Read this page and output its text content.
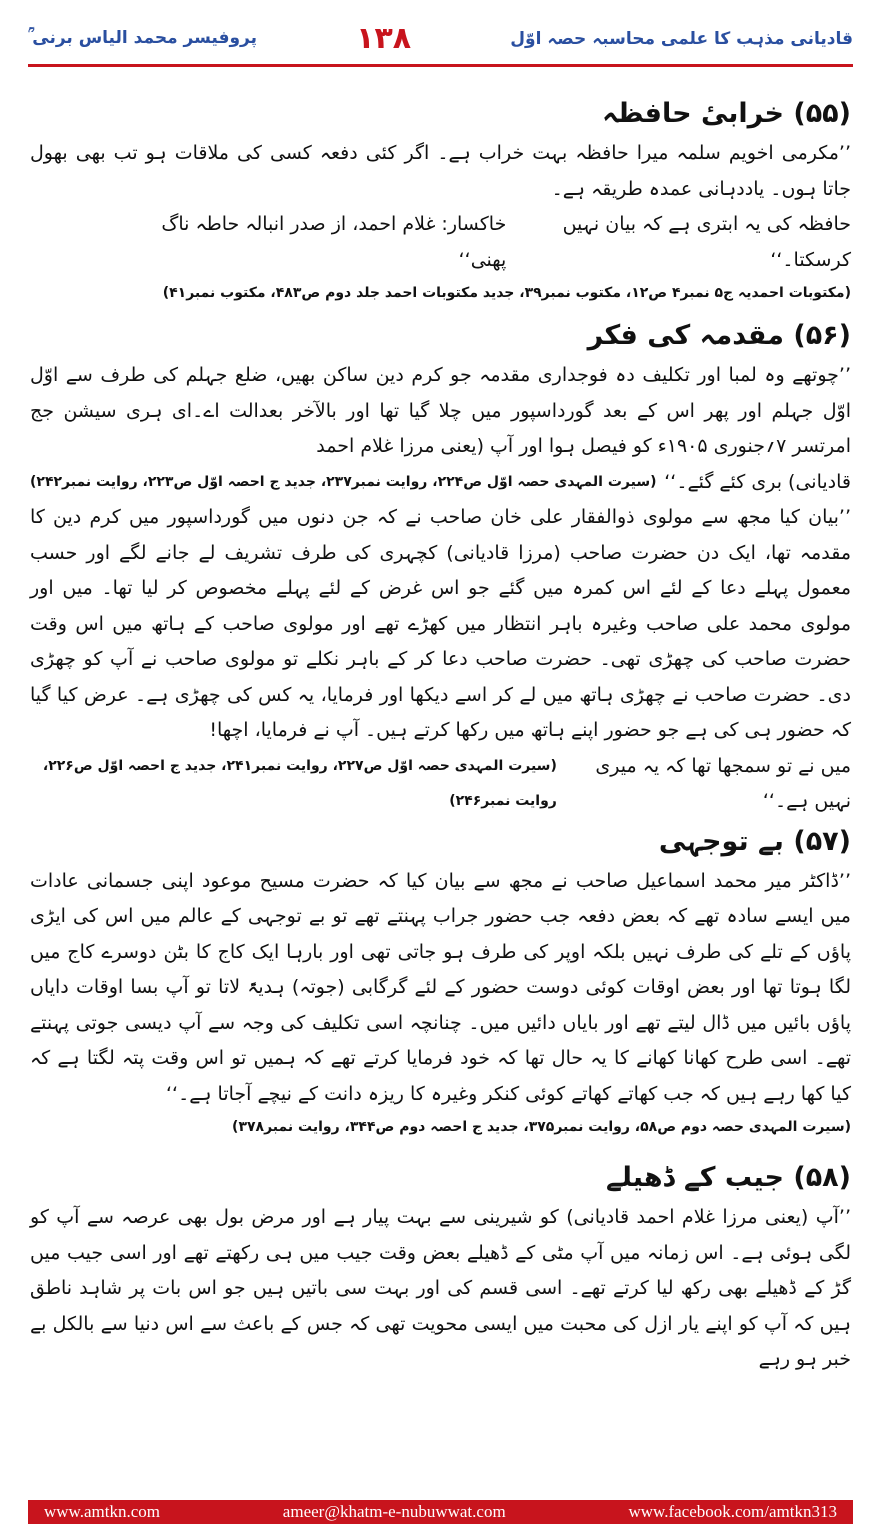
پروفیسر محمد الیاس برنی ؒ	۱۳۸	قادیانی مذہب کا علمی محاسبہ حصہ اوّل
(۵۵) خرابیٔ حافظہ

’’مکرمی اخویم سلمہ میرا حافظہ بہت خراب ہے۔ اگر کئی دفعہ کسی کی ملاقات ہو تب بھی بھول جاتا ہوں۔ یاددہانی عمدہ طریقہ ہے۔

حافظہ کی یہ ابتری ہے کہ بیان نہیں کرسکتا۔‘‘
خاکسار: غلام احمد، از صدر انبالہ حاطہ ناگ پھنی‘‘

(مکتوبات احمدیہ ج۵ نمبر۴ ص۱۲، مکتوب نمبر۳۹، جدید مکتوبات احمد جلد دوم ص۴۸۳، مکتوب نمبر۴۱)

(۵۶) مقدمہ کی فکر

’’چوتھے وہ لمبا اور تکلیف دہ فوجداری مقدمہ جو کرم دین ساکن بھیں، ضلع جہلم کی طرف سے اوّل اوّل جہلم اور پھر اس کے بعد گورداسپور میں چلا گیا تھا اور بالآخر بعدالت اے۔ای ہری سیشن جج امرتسر ۷؍جنوری ۱۹۰۵ء کو فیصل ہوا اور آپ (یعنی مرزا غلام احمد

قادیانی) بری کئے گئے۔‘‘
(سیرت المہدی حصہ اوّل ص۲۲۴، روایت نمبر۲۳۷، جدید ج احصہ اوّل ص۲۲۳، روایت نمبر۲۴۲)

’’بیان کیا مجھ سے مولوی ذوالفقار علی خان صاحب نے کہ جن دنوں میں گورداسپور میں کرم دین کا مقدمہ تھا، ایک دن حضرت صاحب (مرزا قادیانی) کچہری کی طرف تشریف لے جانے لگے اور حسب معمول پہلے دعا کے لئے اس کمرہ میں گئے جو اس غرض کے لئے پہلے مخصوص کر لیا تھا۔ میں اور مولوی محمد علی صاحب وغیرہ باہر انتظار میں کھڑے تھے اور مولوی صاحب کے ہاتھ میں اس وقت حضرت صاحب کی چھڑی تھی۔ حضرت صاحب دعا کر کے باہر نکلے تو مولوی صاحب نے آپ کو چھڑی دی۔ حضرت صاحب نے چھڑی ہاتھ میں لے کر اسے دیکھا اور فرمایا، یہ کس کی چھڑی ہے۔ عرض کیا گیا کہ حضور ہی کی ہے جو حضور اپنے ہاتھ میں رکھا کرتے ہیں۔ آپ نے فرمایا، اچھا!

میں نے تو سمجھا تھا کہ یہ میری نہیں ہے۔‘‘
(سیرت المہدی حصہ اوّل ص۲۲۷، روایت نمبر۲۴۱، جدید ج احصہ اوّل ص۲۲۶، روایت نمبر۲۴۶)
(۵۷) بے توجہی

’’ڈاکٹر میر محمد اسماعیل صاحب نے مجھ سے بیان کیا کہ حضرت مسیح موعود اپنی جسمانی عادات میں ایسے سادہ تھے کہ بعض دفعہ جب حضور جراب پہنتے تھے تو بے توجہی کے عالم میں اس کی ایڑی پاؤں کے تلے کی طرف نہیں بلکہ اوپر کی طرف ہو جاتی تھی اور بارہا ایک کاج کا بٹن دوسرے کاج میں لگا ہوتا تھا اور بعض اوقات کوئی دوست حضور کے لئے گرگابی (جوتہ) ہدیۃً لاتا تو آپ بسا اوقات دایاں پاؤں بائیں میں ڈال لیتے تھے اور بایاں دائیں میں۔ چنانچہ اسی تکلیف کی وجہ سے آپ دیسی جوتی پہنتے تھے۔ اسی طرح کھانا کھانے کا یہ حال تھا کہ خود فرمایا کرتے تھے کہ ہمیں تو اس وقت پتہ لگتا ہے کہ کیا کھا رہے ہیں کہ جب کھاتے کھاتے کوئی کنکر وغیرہ کا ریزہ دانت کے نیچے آجاتا ہے۔‘‘

(سیرت المہدی حصہ دوم ص۵۸، روایت نمبر۳۷۵، جدید ج احصہ دوم ص۳۴۴، روایت نمبر۳۷۸)

(۵۸) جیب کے ڈھیلے

’’آپ (یعنی مرزا غلام احمد قادیانی) کو شیرینی سے بہت پیار ہے اور مرض بول بھی عرصہ سے آپ کو لگی ہوئی ہے۔ اس زمانہ میں آپ مٹی کے ڈھیلے بعض وقت جیب میں ہی رکھتے تھے اور اسی جیب میں گڑ کے ڈھیلے بھی رکھ لیا کرتے تھے۔ اسی قسم کی اور بہت سی باتیں ہیں جو اس بات پر شاہد ناطق ہیں کہ آپ کو اپنے یار ازل کی محبت میں ایسی محویت تھی کہ جس کے باعث سے اس دنیا سے بالکل بے خبر ہو رہے

www.amtkn.com	ameer@khatm-e-nubuwwat.com	www.facebook.com/amtkn313
